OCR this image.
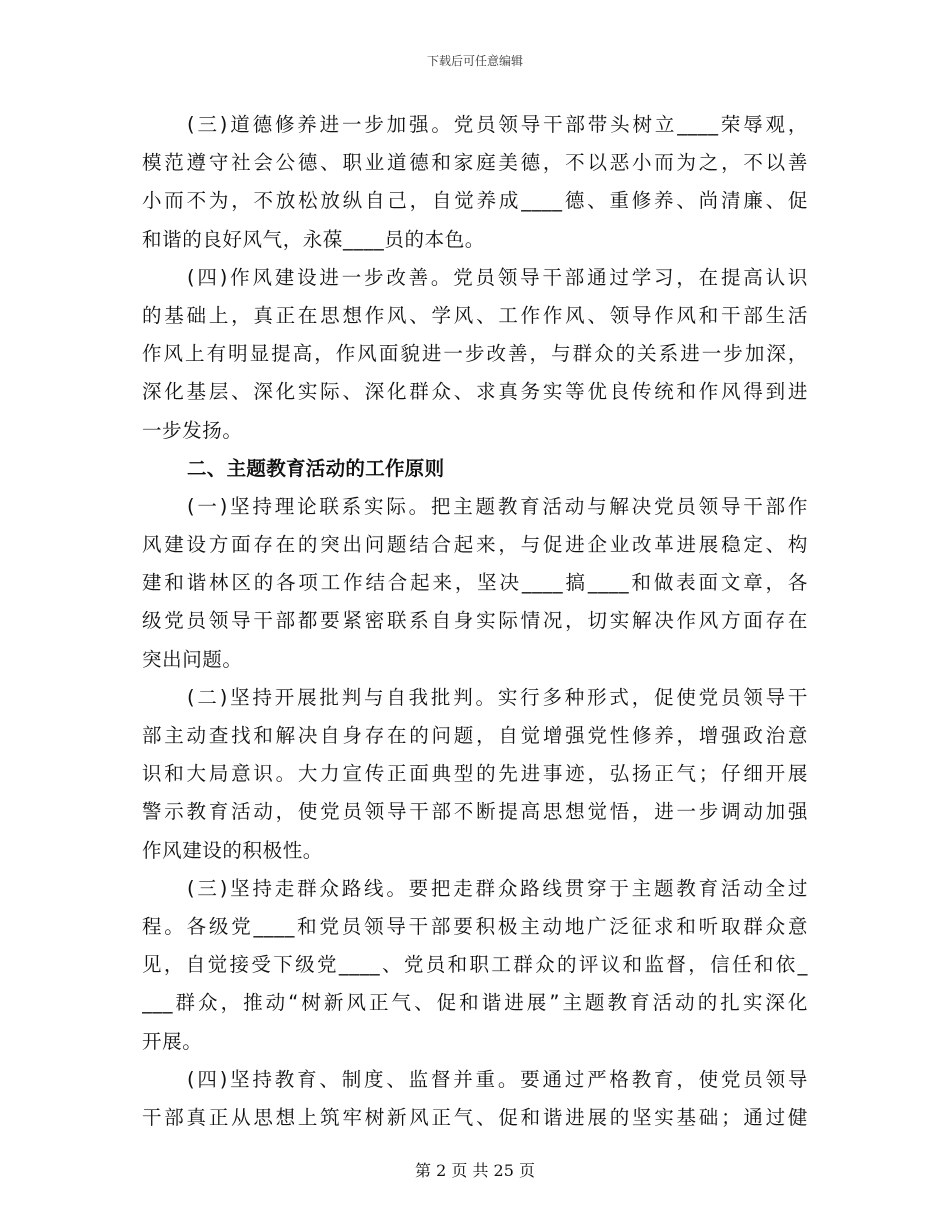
下载后可任意编辑
(三)道德修养进一步加强。党员领导干部带头树立____荣辱观，
模范遵守社会公德、职业道德和家庭美德，不以恶小而为之，不以善
小而不为，不放松放纵自己，自觉养成____德、重修养、尚清廉、促
和谐的良好风气，永葆____员的本色。
(四)作风建设进一步改善。党员领导干部通过学习，在提高认识
的基础上，真正在思想作风、学风、工作作风、领导作风和干部生活
作风上有明显提高，作风面貌进一步改善，与群众的关系进一步加深，
深化基层、深化实际、深化群众、求真务实等优良传统和作风得到进
一步发扬。
二、主题教育活动的工作原则
(一)坚持理论联系实际。把主题教育活动与解决党员领导干部作
风建设方面存在的突出问题结合起来，与促进企业改革进展稳定、构
建和谐林区的各项工作结合起来，坚决____搞____和做表面文章，各
级党员领导干部都要紧密联系自身实际情况，切实解决作风方面存在
突出问题。
(二)坚持开展批判与自我批判。实行多种形式，促使党员领导干
部主动查找和解决自身存在的问题，自觉增强党性修养，增强政治意
识和大局意识。大力宣传正面典型的先进事迹，弘扬正气；仔细开展
警示教育活动，使党员领导干部不断提高思想觉悟，进一步调动加强
作风建设的积极性。
(三)坚持走群众路线。要把走群众路线贯穿于主题教育活动全过
程。各级党____和党员领导干部要积极主动地广泛征求和听取群众意
见，自觉接受下级党____、党员和职工群众的评议和监督，信任和依_
___群众，推动“树新风正气、促和谐进展”主题教育活动的扎实深化
开展。
(四)坚持教育、制度、监督并重。要通过严格教育，使党员领导
干部真正从思想上筑牢树新风正气、促和谐进展的坚实基础；通过健
第 2 页 共 25 页
